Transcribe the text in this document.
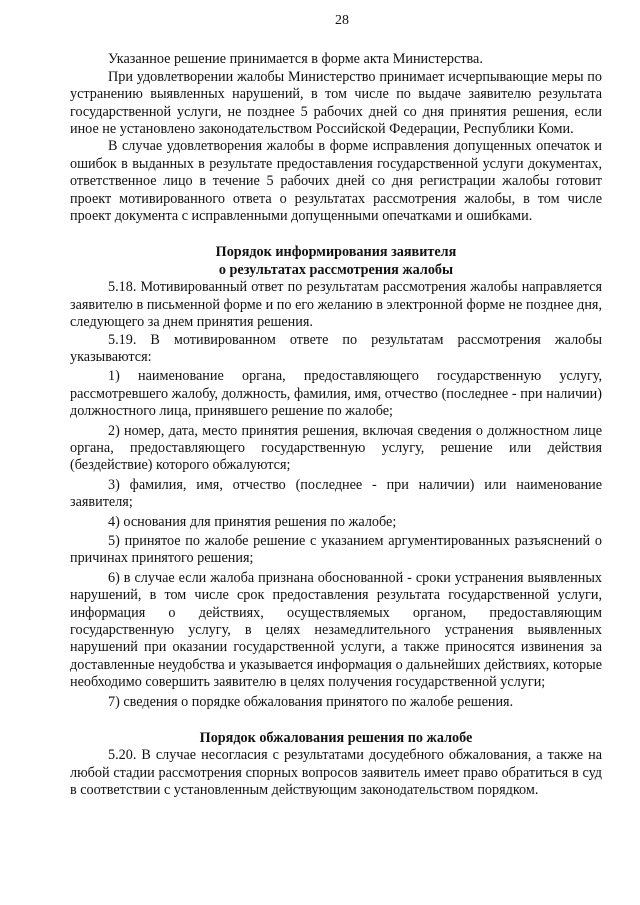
28

Указанное решение принимается в форме акта Министерства.

При удовлетворении жалобы Министерство принимает исчерпывающие меры по устранению выявленных нарушений, в том числе по выдаче заявителю результата государственной услуги, не позднее 5 рабочих дней со дня принятия решения, если иное не установлено законодательством Российской Федерации, Республики Коми.

В случае удовлетворения жалобы в форме исправления допущенных опечаток и ошибок в выданных в результате предоставления государственной услуги документах, ответственное лицо в течение 5 рабочих дней со дня регистрации жалобы готовит проект мотивированного ответа о результатах рассмотрения жалобы, в том числе проект документа с исправленными допущенными опечатками и ошибками.

Порядок информирования заявителя
о результатах рассмотрения жалобы

5.18. Мотивированный ответ по результатам рассмотрения жалобы направляется заявителю в письменной форме и по его желанию в электронной форме не позднее дня, следующего за днем принятия решения.

5.19. В мотивированном ответе по результатам рассмотрения жалобы указываются:

1) наименование органа, предоставляющего государственную услугу, рассмотревшего жалобу, должность, фамилия, имя, отчество (последнее - при наличии) должностного лица, принявшего решение по жалобе;

2) номер, дата, место принятия решения, включая сведения о должностном лице органа, предоставляющего государственную услугу, решение или действия (бездействие) которого обжалуются;

3) фамилия, имя, отчество (последнее - при наличии) или наименование заявителя;

4) основания для принятия решения по жалобе;

5) принятое по жалобе решение с указанием аргументированных разъяснений о причинах принятого решения;

6) в случае если жалоба признана обоснованной - сроки устранения выявленных нарушений, в том числе срок предоставления результата государственной услуги, информация о действиях, осуществляемых органом, предоставляющим государственную услугу, в целях незамедлительного устранения выявленных нарушений при оказании государственной услуги, а также приносятся извинения за доставленные неудобства и указывается информация о дальнейших действиях, которые необходимо совершить заявителю в целях получения государственной услуги;

7) сведения о порядке обжалования принятого по жалобе решения.

Порядок обжалования решения по жалобе

5.20. В случае несогласия с результатами досудебного обжалования, а также на любой стадии рассмотрения спорных вопросов заявитель имеет право обратиться в суд в соответствии с установленным действующим законодательством порядком.
